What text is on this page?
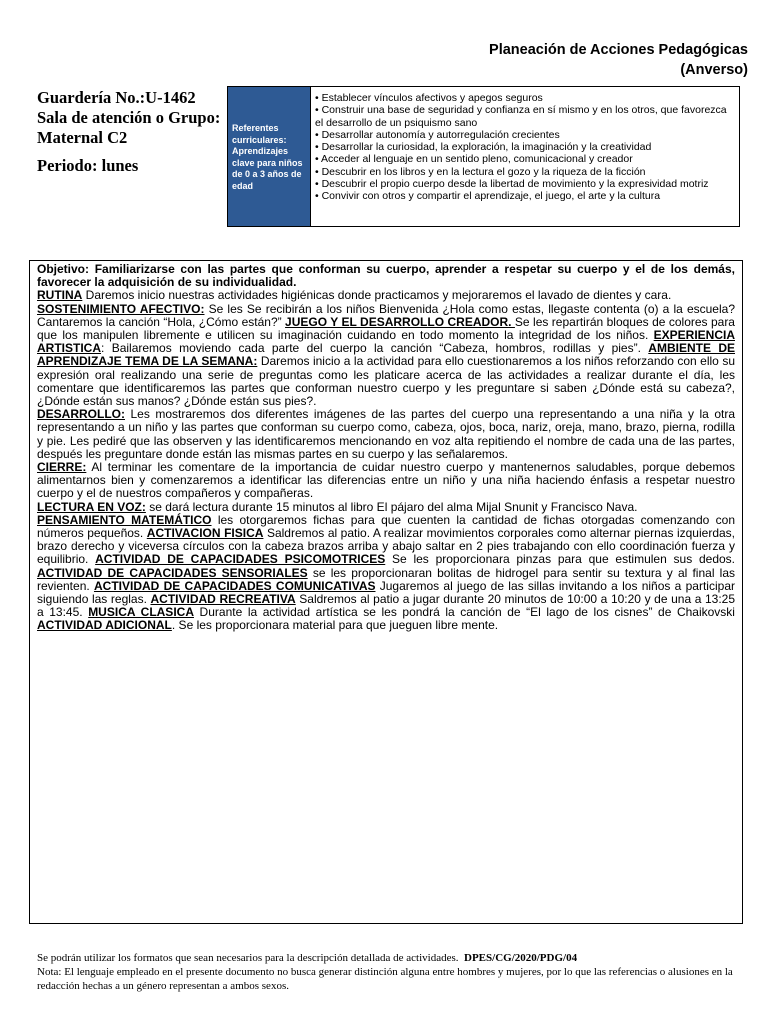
Planeación de Acciones Pedagógicas
(Anverso)
Guardería No.:U-1462
Sala de atención o Grupo: Maternal C2

Periodo: lunes
Referentes curriculares: Aprendizajes clave para niños de 0 a 3 años de edad
• Establecer vínculos afectivos y apegos seguros
• Construir una base de seguridad y confianza en sí mismo y en los otros, que favorezca el desarrollo de un psiquismo sano
• Desarrollar autonomía y autorregulación crecientes
• Desarrollar la curiosidad, la exploración, la imaginación y la creatividad
• Acceder al lenguaje en un sentido pleno, comunicacional y creador
• Descubrir en los libros y en la lectura el gozo y la riqueza de la ficción
• Descubrir el propio cuerpo desde la libertad de movimiento y la expresividad motriz
• Convivir con otros y compartir el aprendizaje, el juego, el arte y la cultura
Objetivo: Familiarizarse con las partes que conforman su cuerpo, aprender a respetar su cuerpo y el de los demás, favorecer la adquisición de su individualidad.
RUTINA Daremos inicio nuestras actividades higiénicas donde practicamos y mejoraremos el lavado de dientes y cara.
SOSTENIMIENTO AFECTIVO: Se les Se recibirán a los niños Bienvenida ¿Hola como estas, llegaste contenta (o) a la escuela? Cantaremos la canción “Hola, ¿Cómo están?” JUEGO Y EL DESARROLLO CREADOR. Se les repartirán bloques de colores para que los manipulen libremente e utilicen su imaginación cuidando en todo momento la integridad de los niños. EXPERIENCIA ARTISTICA: Bailaremos moviendo cada parte del cuerpo la canción “Cabeza, hombros, rodillas y pies”. AMBIENTE DE APRENDIZAJE TEMA DE LA SEMANA: Daremos inicio a la actividad para ello cuestionaremos a los niños reforzando con ello su expresión oral realizando una serie de preguntas como les platicare acerca de las actividades a realizar durante el día, les comentare que identificaremos las partes que conforman nuestro cuerpo y les preguntare si saben ¿Dónde está su cabeza?, ¿Dónde están sus manos? ¿Dónde están sus pies?.
DESARROLLO: Les mostraremos dos diferentes imágenes de las partes del cuerpo una representando a una niña y la otra representando a un niño y las partes que conforman su cuerpo como, cabeza, ojos, boca, nariz, oreja, mano, brazo, pierna, rodilla y pie. Les pediré que las observen y las identificaremos mencionando en voz alta repitiendo el nombre de cada una de las partes, después les preguntare donde están las mismas partes en su cuerpo y las señalaremos.
CIERRE: Al terminar les comentare de la importancia de cuidar nuestro cuerpo y mantenernos saludables, porque debemos alimentarnos bien y comenzaremos a identificar las diferencias entre un niño y una niña haciendo énfasis a respetar nuestro cuerpo y el de nuestros compañeros y compañeras.
LECTURA EN VOZ: se dará lectura durante 15 minutos al libro El pájaro del alma Mijal Snunit y Francisco Nava.
PENSAMIENTO MATEMÁTICO les otorgaremos fichas para que cuenten la cantidad de fichas otorgadas comenzando con números pequeños. ACTIVACION FISICA Saldremos al patio. A realizar movimientos corporales como alternar piernas izquierdas, brazo derecho y viceversa círculos con la cabeza brazos arriba y abajo saltar en 2 pies trabajando con ello coordinación fuerza y equilibrio. ACTIVIDAD DE CAPACIDADES PSICOMOTRICES Se les proporcionara pinzas para que estimulen sus dedos. ACTIVIDAD DE CAPACIDADES SENSORIALES se les proporcionaran bolitas de hidrogel para sentir su textura y al final las revienten. ACTIVIDAD DE CAPACIDADES COMUNICATIVAS Jugaremos al juego de las sillas invitando a los niños a participar siguiendo las reglas. ACTIVIDAD RECREATIVA Saldremos al patio a jugar durante 20 minutos de 10:00 a 10:20 y de una a 13:25 a 13:45. MUSICA CLASICA Durante la actividad artística se les pondrá la canción de “El lago de los cisnes” de Chaikovski ACTIVIDAD ADICIONAL. Se les proporcionara material para que jueguen libre mente.
Se podrán utilizar los formatos que sean necesarios para la descripción detallada de actividades. DPES/CG/2020/PDG/04
Nota: El lenguaje empleado en el presente documento no busca generar distinción alguna entre hombres y mujeres, por lo que las referencias o alusiones en la redacción hechas a un género representan a ambos sexos.
